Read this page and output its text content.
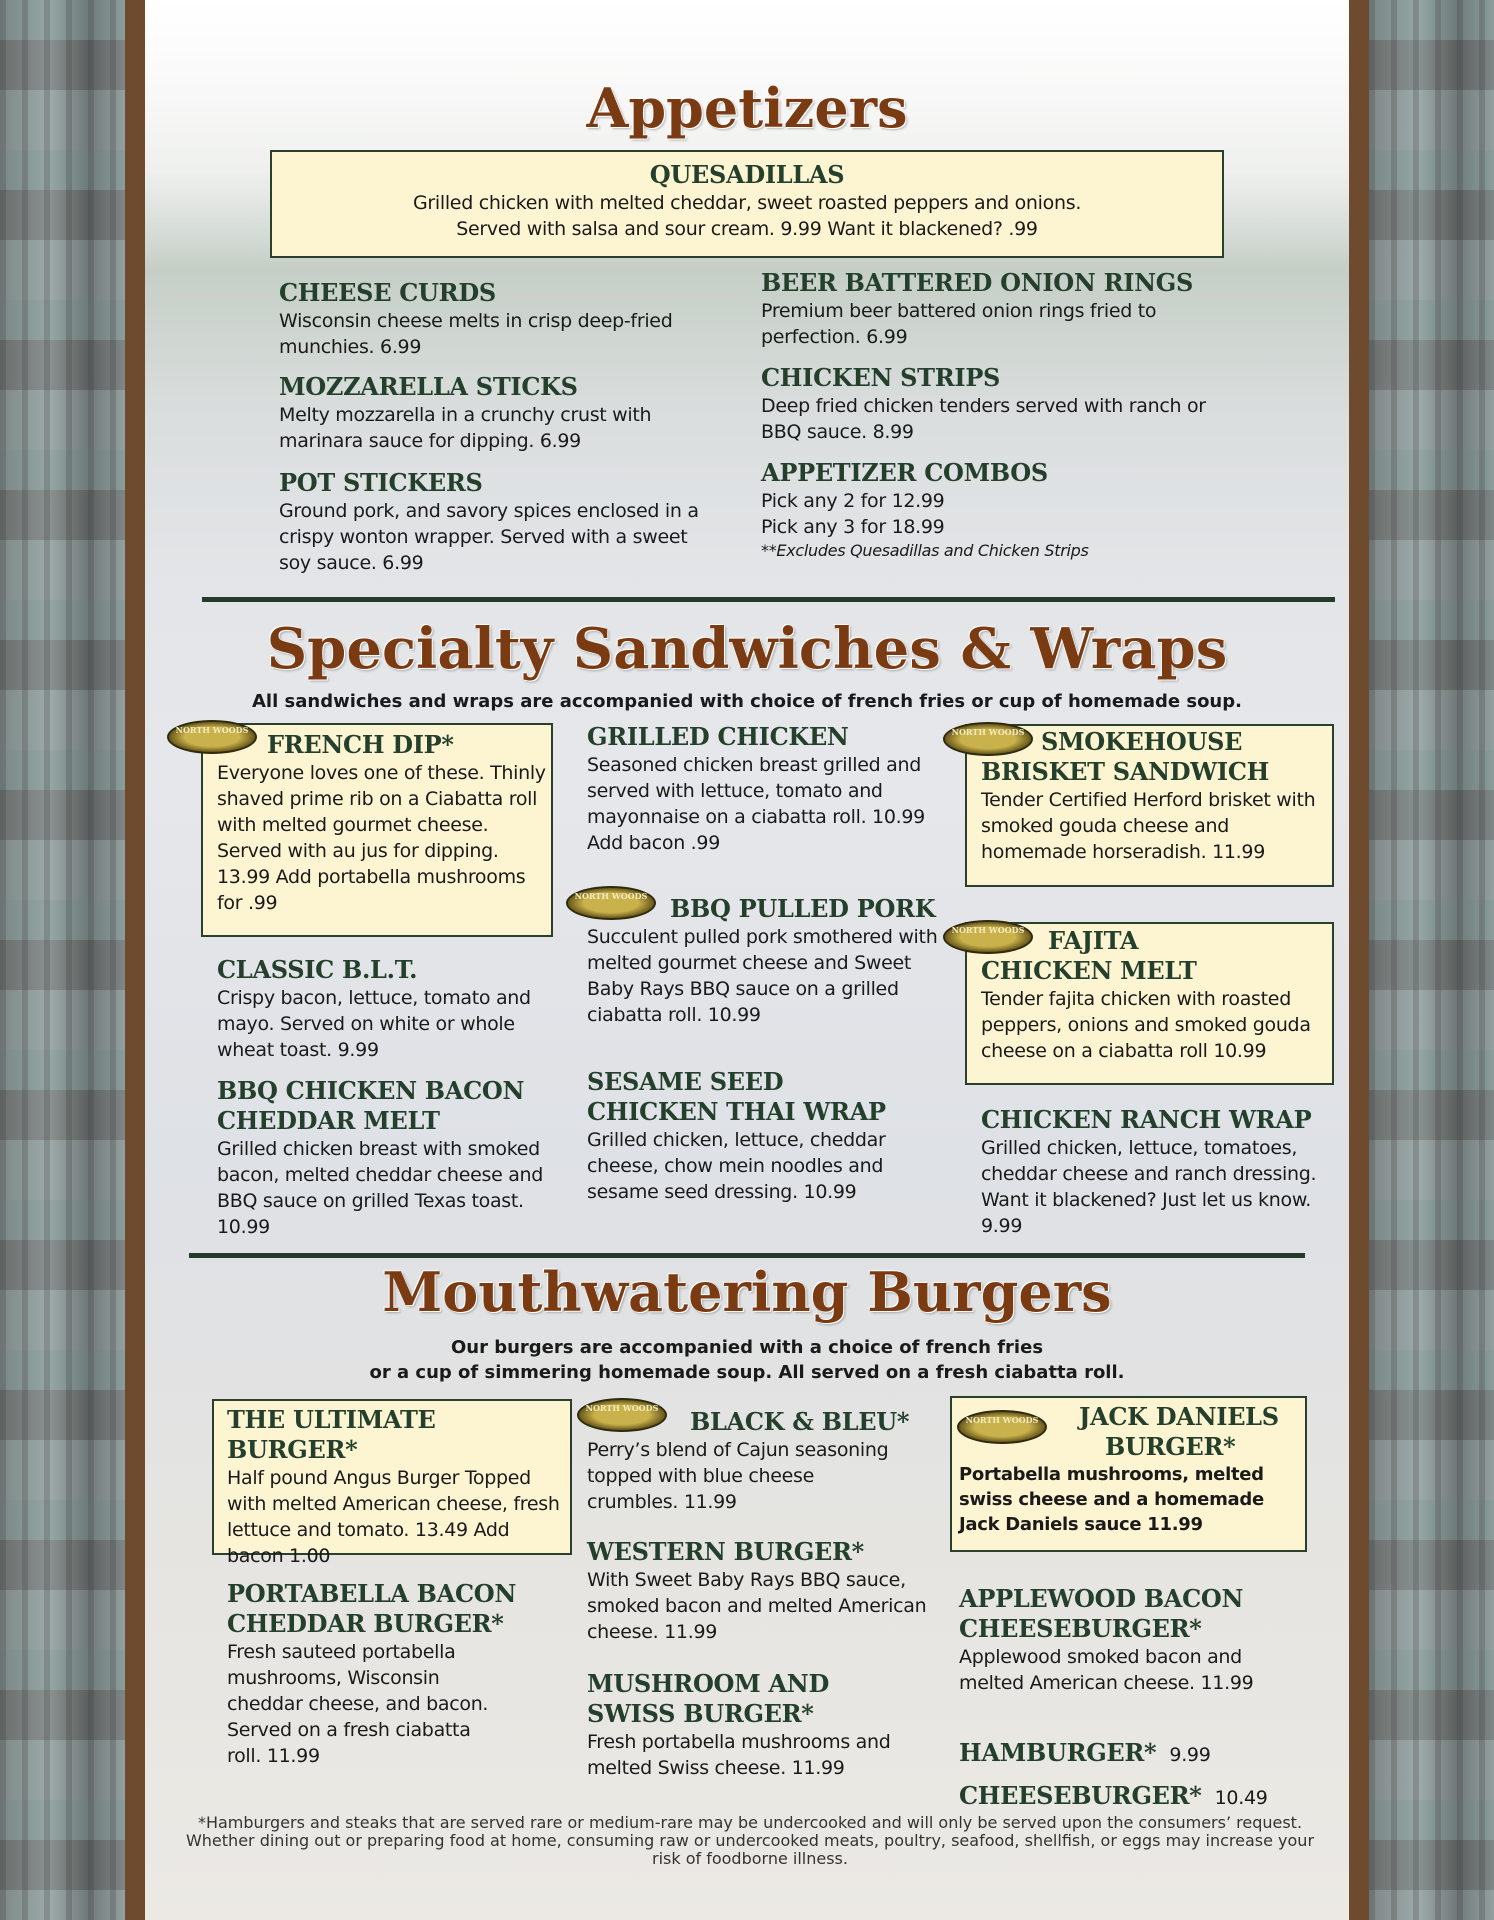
Appetizers
QUESADILLAS
Grilled chicken with melted cheddar, sweet roasted peppers and onions.
Served with salsa and sour cream. 9.99 Want it blackened? .99
CHEESE CURDS
Wisconsin cheese melts in crisp deep-fried munchies. 6.99
MOZZARELLA STICKS
Melty mozzarella in a crunchy crust with marinara sauce for dipping. 6.99
POT STICKERS
Ground pork, and savory spices enclosed in a crispy wonton wrapper. Served with a sweet soy sauce. 6.99
BEER BATTERED ONION RINGS
Premium beer battered onion rings fried to perfection. 6.99
CHICKEN STRIPS
Deep fried chicken tenders served with ranch or BBQ sauce. 8.99
APPETIZER COMBOS
Pick any 2 for 12.99
Pick any 3 for 18.99
**Excludes Quesadillas and Chicken Strips
Specialty Sandwiches & Wraps
All sandwiches and wraps are accompanied with choice of french fries or cup of homemade soup.
NORTH WOODS FRENCH DIP*
Everyone loves one of these. Thinly shaved prime rib on a Ciabatta roll with melted gourmet cheese. Served with au jus for dipping. 13.99 Add portabella mushrooms for .99
CLASSIC B.L.T.
Crispy bacon, lettuce, tomato and mayo. Served on white or whole wheat toast. 9.99
BBQ CHICKEN BACON CHEDDAR MELT
Grilled chicken breast with smoked bacon, melted cheddar cheese and BBQ sauce on grilled Texas toast. 10.99
GRILLED CHICKEN
Seasoned chicken breast grilled and served with lettuce, tomato and mayonnaise on a ciabatta roll. 10.99 Add bacon .99
NORTH WOODS BBQ PULLED PORK
Succulent pulled pork smothered with melted gourmet cheese and Sweet Baby Rays BBQ sauce on a grilled ciabatta roll. 10.99
SESAME SEED CHICKEN THAI WRAP
Grilled chicken, lettuce, cheddar cheese, chow mein noodles and sesame seed dressing. 10.99
NORTH WOODS SMOKEHOUSE
BRISKET SANDWICH
Tender Certified Herford brisket with smoked gouda cheese and homemade horseradish. 11.99
NORTH WOODS FAJITA
CHICKEN MELT
Tender fajita chicken with roasted peppers, onions and smoked gouda cheese on a ciabatta roll 10.99
CHICKEN RANCH WRAP
Grilled chicken, lettuce, tomatoes, cheddar cheese and ranch dressing. Want it blackened? Just let us know. 9.99
Mouthwatering Burgers
Our burgers are accompanied with a choice of french fries
or a cup of simmering homemade soup. All served on a fresh ciabatta roll.
THE ULTIMATE BURGER*
Half pound Angus Burger Topped with melted American cheese, fresh lettuce and tomato. 13.49 Add bacon 1.00
PORTABELLA BACON CHEDDAR BURGER*
Fresh sauteed portabella mushrooms, Wisconsin cheddar cheese, and bacon. Served on a fresh ciabatta roll. 11.99
NORTH WOODS	BLACK & BLEU*
Perry’s blend of Cajun seasoning topped with blue cheese crumbles. 11.99
WESTERN BURGER*
With Sweet Baby Rays BBQ sauce, smoked bacon and melted American cheese. 11.99
MUSHROOM AND SWISS BURGER*
Fresh portabella mushrooms and melted Swiss cheese. 11.99
NORTH WOODS	JACK DANIELS
BURGER*
Portabella mushrooms, melted swiss cheese and a homemade Jack Daniels sauce 11.99
APPLEWOOD BACON CHEESEBURGER*
Applewood smoked bacon and melted American cheese. 11.99
HAMBURGER* 9.99
CHEESEBURGER* 10.49
*Hamburgers and steaks that are served rare or medium-rare may be undercooked and will only be served upon the consumers’ request. Whether dining out or preparing food at home, consuming raw or undercooked meats, poultry, seafood, shellfish, or eggs may increase your risk of foodborne illness.
